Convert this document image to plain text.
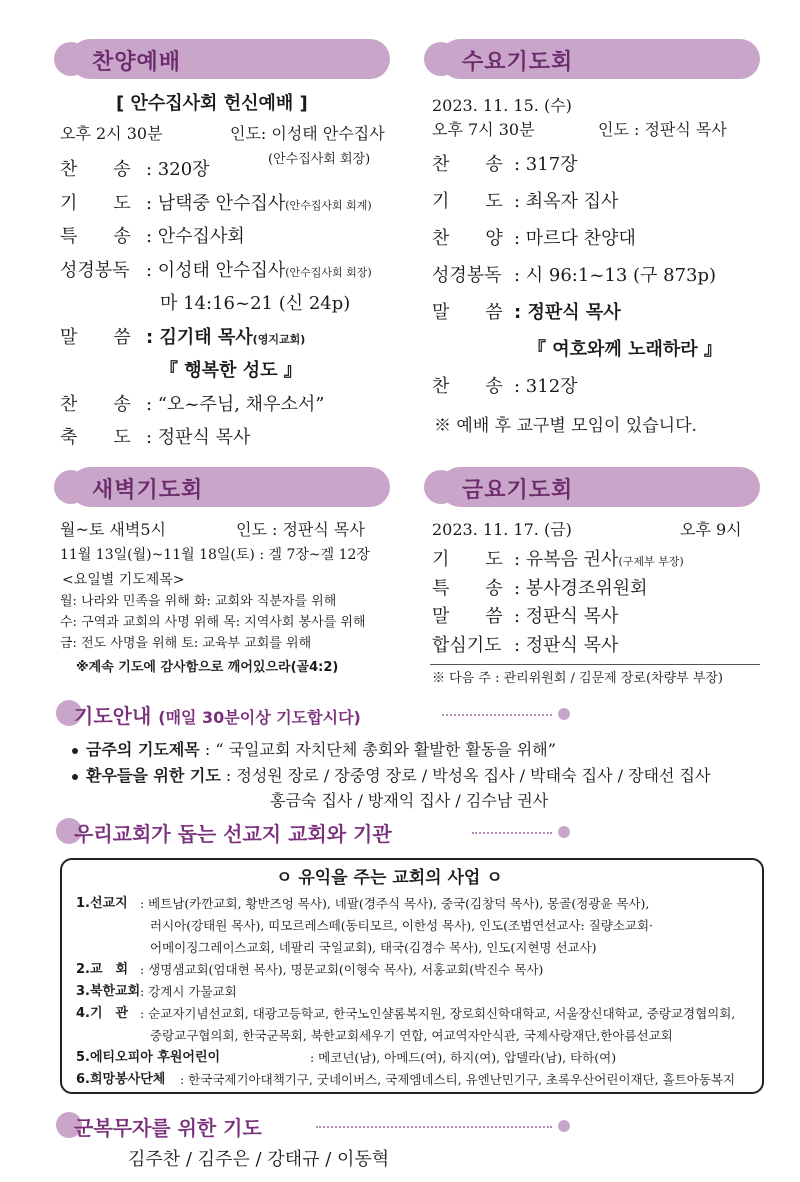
찬양예배
[ 안수집사회 헌신예배 ]
오후 2시 30분	인도: 이성태 안수집사
(안수집사회 회장)
찬　　송 : 320장
기　　도 : 남택중 안수집사(안수집사회 회계)
특　　송 : 안수집사회
성경봉독 : 이성태 안수집사(안수집사회 회장)
마 14:16~21 (신 24p)
말　　씀 : 김기태 목사(영지교회)
『 행복한 성도 』
찬　　송 : “오~주님, 채우소서”
축　　도 : 정판식 목사
수요기도회
2023. 11. 15. (수)
오후 7시 30분	인도 : 정판식 목사
찬　　송 : 317장
기　　도 : 최옥자 집사
찬　　양 : 마르다 찬양대
성경봉독 : 시 96:1~13 (구 873p)
말　　씀 : 정판식 목사
『 여호와께 노래하라 』
찬　　송 : 312장
※ 예배 후 교구별 모임이 있습니다.
새벽기도회
월~토 새벽5시	인도 : 정판식 목사
11월 13일(월)~11월 18일(토) : 겔 7장~겔 12장
<요일별 기도제목>
월: 나라와 민족을 위해 화: 교회와 직분자를 위해
수: 구역과 교회의 사명 위해 목: 지역사회 봉사를 위해
금: 전도 사명을 위해 토: 교육부 교회를 위해
※계속 기도에 감사함으로 깨어있으라(골4:2)
금요기도회
2023. 11. 17. (금)	오후 9시
기　　도 : 유복음 권사(구제부 부장)
특　　송 : 봉사경조위원회
말　　씀 : 정판식 목사
합심기도 : 정판식 목사
※ 다음 주 : 관리위원회 / 김문제 장로(차량부 부장)
기도안내 (매일 30분이상 기도합시다)
금주의 기도제목 : “ 국일교회 자치단체 총회와 활발한 활동을 위해”
환우들을 위한 기도 : 정성원 장로 / 장중영 장로 / 박성옥 집사 / 박태숙 집사 / 장태선 집사
홍금숙 집사 / 방재익 집사 / 김수남 권사
우리교회가 돕는 선교지 교회와 기관
ㅇ 유익을 주는 교회의 사업 ㅇ
1.선교지 : 베트남(카깐교회, 황반즈엉 목사), 네팔(경주식 목사), 중국(김창덕 목사), 몽골(정광윤 목사),
러시아(강태원 목사), 띠모르레스떼(동티모르, 이한성 목사), 인도(조범연선교사: 질량소교회·
어메이징그레이스교회, 네팔리 국일교회), 태국(김경수 목사), 인도(지현명 선교사)
2.교　회 : 생명샘교회(엄대현 목사), 명문교회(이형숙 목사), 서홍교회(박진수 목사)
3.북한교회 : 강계시 가물교회
4.기　관 : 순교자기념선교회, 대광고등학교, 한국노인샬롬복지원, 장로회신학대학교, 서울장신대학교, 중랑교경협의회,
중랑교구협의회, 한국군목회, 북한교회세우기 연합, 여교역자안식관, 국제사랑재단,한아름선교회
5.에티오피아 후원어린이	: 메코넌(남), 아메드(여), 하지(여), 압델라(남), 타하(여)
6.희망봉사단체 : 한국국제기아대책기구, 굿네이버스, 국제엠네스티, 유엔난민기구, 초록우산어린이재단, 홀트아동복지
군복무자를 위한 기도
김주찬 / 김주은 / 강태규 / 이동혁
